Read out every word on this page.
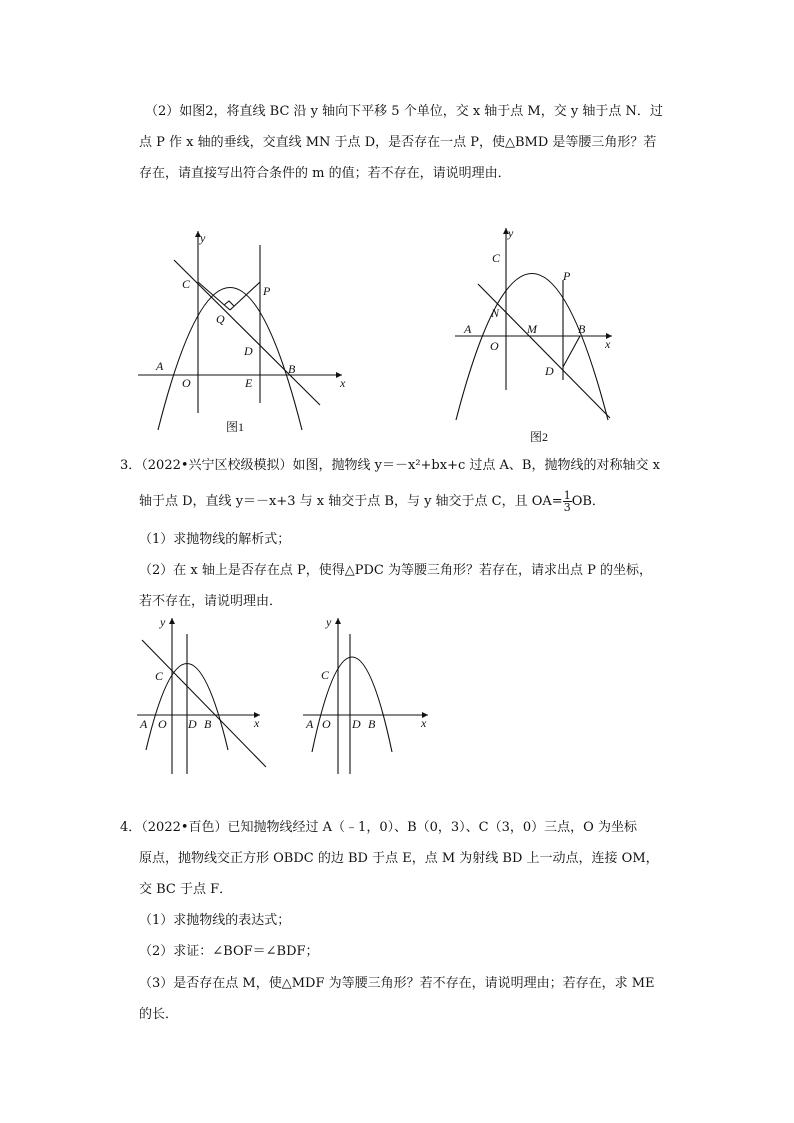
（2）如图2，将直线 BC 沿 y 轴向下平移 5 个单位，交 x 轴于点 M，交 y 轴于点 N．过
点 P 作 x 轴的垂线，交直线 MN 于点 D，是否存在一点 P，使△BMD 是等腰三角形？若
存在，请直接写出符合条件的 m 的值；若不存在，请说明理由．
y
x
C	P
Q
D
A
O	E
B
图1
y
x
C
P
N
A	M	B
O
D
图2
3．（2022•兴宁区校级模拟）如图，抛物线 y＝－x²+bx+c 过点 A、B，抛物线的对称轴交 x
轴于点 D，直线 y＝－x+3 与 x 轴交于点 B，与 y 轴交于点 C，且 $OA= \frac{1}{3}$ OB．
（1）求抛物线的解析式；
（2）在 x 轴上是否存在点 P，使得△PDC 为等腰三角形？若存在，请求出点 P 的坐标，
若不存在，请说明理由．
y
x
C
A O D B
y
x
C
A O D B
4．（2022•百色）已知抛物线经过 A（﹣1，0）、B（0，3）、C（3，0）三点，O 为坐标
原点，抛物线交正方形 OBDC 的边 BD 于点 E，点 M 为射线 BD 上一动点，连接 OM，
交 BC 于点 F．
（1）求抛物线的表达式；
（2）求证：∠BOF＝∠BDF；
（3）是否存在点 M，使△MDF 为等腰三角形？若不存在，请说明理由；若存在，求 ME
的长．
